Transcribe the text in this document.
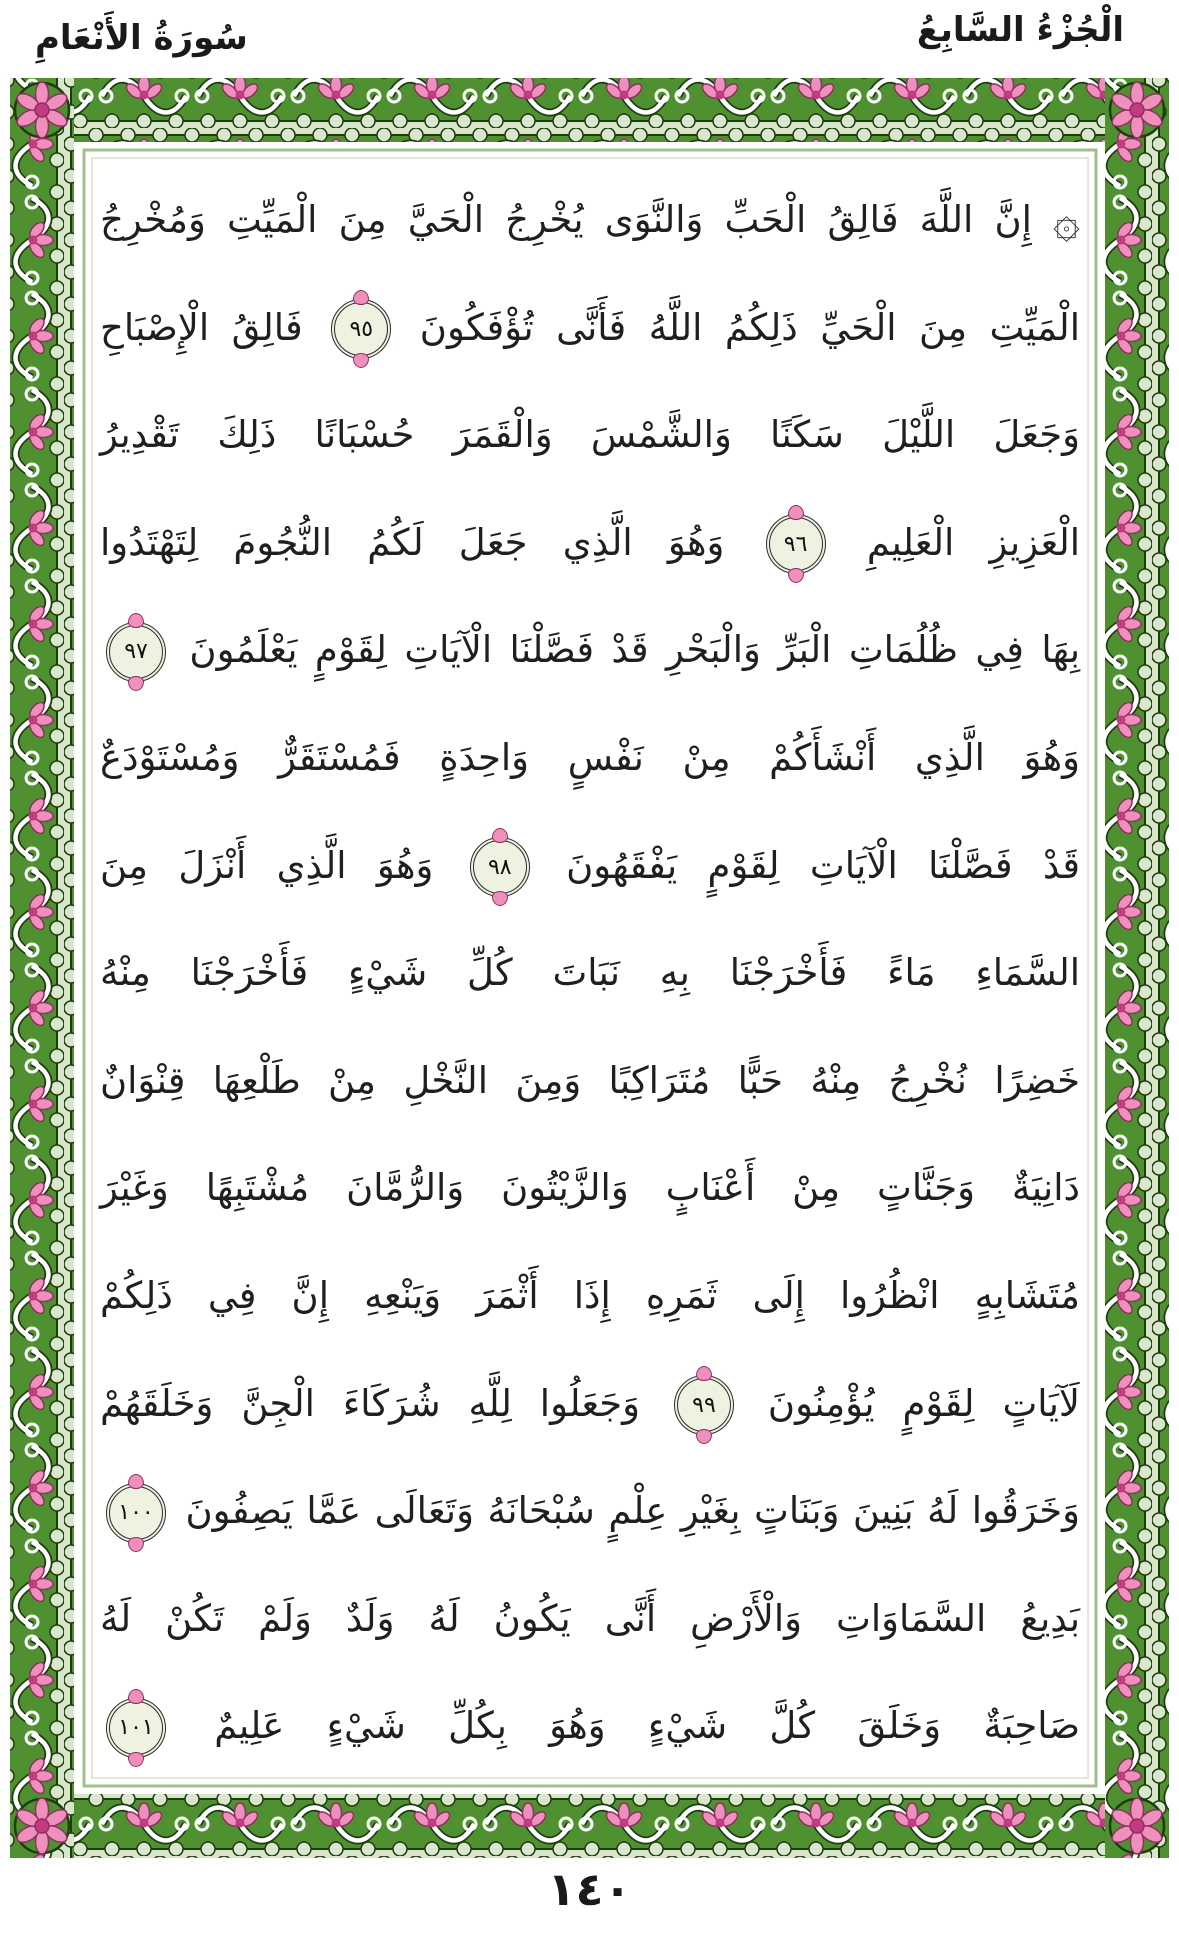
الْجُزْءُ السَّابِعُ
سُورَةُ الأَنْعَامِ
۞ إِنَّ اللَّهَ فَالِقُ الْحَبِّ وَالنَّوَى يُخْرِجُ الْحَيَّ مِنَ الْمَيِّتِ وَمُخْرِجُ
الْمَيِّتِ مِنَ الْحَيِّ ذَلِكُمُ اللَّهُ فَأَنَّى تُؤْفَكُونَ
٩٥
فَالِقُ الْإِصْبَاحِ
وَجَعَلَ اللَّيْلَ سَكَنًا وَالشَّمْسَ وَالْقَمَرَ حُسْبَانًا ذَلِكَ تَقْدِيرُ
الْعَزِيزِ الْعَلِيمِ
٩٦
وَهُوَ الَّذِي جَعَلَ لَكُمُ النُّجُومَ لِتَهْتَدُوا
بِهَا فِي ظُلُمَاتِ الْبَرِّ وَالْبَحْرِ قَدْ فَصَّلْنَا الْآيَاتِ لِقَوْمٍ يَعْلَمُونَ
٩٧
وَهُوَ الَّذِي أَنْشَأَكُمْ مِنْ نَفْسٍ وَاحِدَةٍ فَمُسْتَقَرٌّ وَمُسْتَوْدَعٌ
قَدْ فَصَّلْنَا الْآيَاتِ لِقَوْمٍ يَفْقَهُونَ
٩٨
وَهُوَ الَّذِي أَنْزَلَ مِنَ
السَّمَاءِ مَاءً فَأَخْرَجْنَا بِهِ نَبَاتَ كُلِّ شَيْءٍ فَأَخْرَجْنَا مِنْهُ
خَضِرًا نُخْرِجُ مِنْهُ حَبًّا مُتَرَاكِبًا وَمِنَ النَّخْلِ مِنْ طَلْعِهَا قِنْوَانٌ
دَانِيَةٌ وَجَنَّاتٍ مِنْ أَعْنَابٍ وَالزَّيْتُونَ وَالرُّمَّانَ مُشْتَبِهًا وَغَيْرَ
مُتَشَابِهٍ انْظُرُوا إِلَى ثَمَرِهِ إِذَا أَثْمَرَ وَيَنْعِهِ إِنَّ فِي ذَلِكُمْ
لَآيَاتٍ لِقَوْمٍ يُؤْمِنُونَ
٩٩
وَجَعَلُوا لِلَّهِ شُرَكَاءَ الْجِنَّ وَخَلَقَهُمْ
وَخَرَقُوا لَهُ بَنِينَ وَبَنَاتٍ بِغَيْرِ عِلْمٍ سُبْحَانَهُ وَتَعَالَى عَمَّا يَصِفُونَ
١٠٠
بَدِيعُ السَّمَاوَاتِ وَالْأَرْضِ أَنَّى يَكُونُ لَهُ وَلَدٌ وَلَمْ تَكُنْ لَهُ
صَاحِبَةٌ وَخَلَقَ كُلَّ شَيْءٍ وَهُوَ بِكُلِّ شَيْءٍ عَلِيمٌ
١٠١
١٤٠
